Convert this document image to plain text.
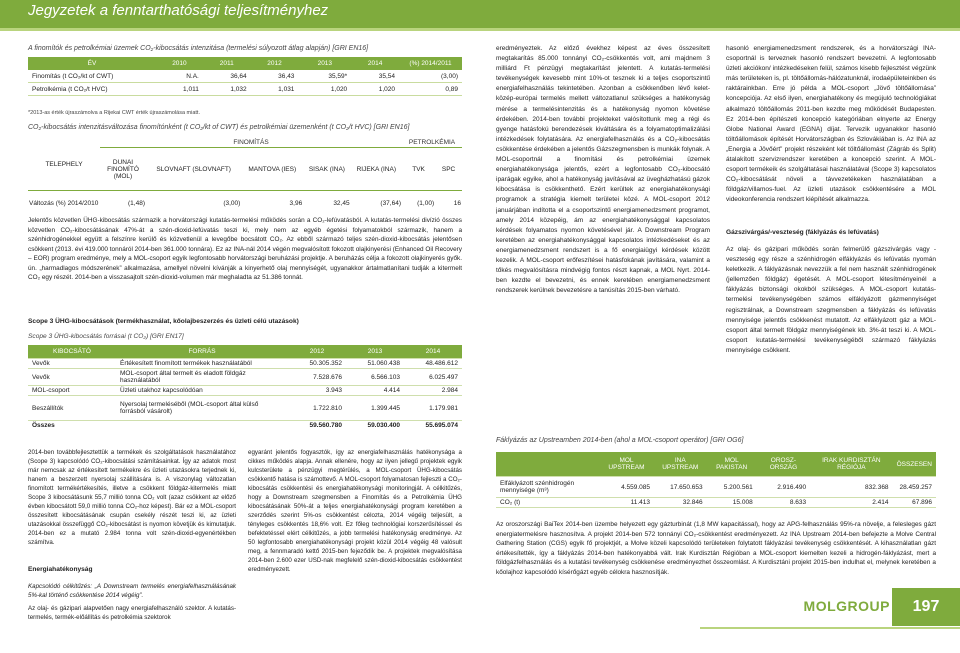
Jegyzetek a fenntarthatósági teljesítményhez
A finomítók és petrolkémiai üzemek CO₂-kibocsátás intenzitása (termelési súlyozott átlag alapján) [GRI EN16]
ÉV	2010	2011	2012	2013	2014	(%) 2014/2011
Finomítás (t CO₂/kt of CWT)	N.A.	36,64	36,43	35,59*	35,54	(3,00)
Petrolkémia (t CO₂/t HVC)	1,011	1,032	1,031	1,020	1,020	0,89
*2013-as érték újraszámolva a Rijekai CWT érték újraszámolása miatt.
CO₂-kibocsátás intenzitásváltozása finomítónként (t CO₂/kt of CWT) és petrolkémiai üzemenként (t CO₂/t HVC) [GRI EN16]
TELEPHELY	FINOMÍTÁS					PETROLKÉMIA	
	DUNAI FINOMÍTÓ (MOL)	SLOVNAFT (SLOVNAFT)	MANTOVA (IES)	SISAK (INA)	RIJEKA (INA)	TVK	SPC
Változás (%) 2014/2010	(1,48)	(3,00)	3,96	32,45	(37,64)	(1,00)	16
Jelentős közvetlen ÜHG-kibocsátás származik a horvátországi kutatás-termelési működés során a CO₂-lefúvatásból. A kutatás-termelési divízió összes közvetlen CO₂-kibocsátásának 47%-át a szén-dioxid-lefúvatás teszi ki, mely nem az egyéb égetési folyamatokból származik, hanem a szénhidrogénekkel együtt a felszínre kerülő és közvetlenül a levegőbe bocsátott CO₂. Az ebből származó teljes szén-dioxid-kibocsátás jelentősen csökkent (2013. évi 419.000 tonnáról 2014-ben 361.000 tonnára). Ez az INA-nál 2014 végén megvalósított fokozott olajkinyerési (Enhanced Oil Recovery – EOR) program eredménye, mely a MOL-csoport egyik legfontosabb horvátországi beruházási projektje. A beruházás célja a fokozott olajkinyerés győk. ún. „harmadlagos módszerének” alkalmazása, amellyel növelni kívánják a kinyerhető olaj mennyiségét, ugyanakkor ártalmatlanítani tudják a kitermelt CO₂ egy részét. 2014-ben a visszasajtolt szén-dioxid-volumen már meghaladta az 51.386 tonnát.
Scope 3 ÜHG-kibocsátások (termékhasználat, kőolajbeszerzés és üzleti célú utazások)
Scope 3 ÜHG-kibocsátás forrásai (t CO₂) [GRI EN17]
KIBOCSÁTÓ	FORRÁS	2012	2013	2014
Vevők	Értékesített finomított termékek használatából	50.305.352	51.060.438	48.486.612
Vevők	MOL-csoport által termelt és eladott földgáz használatából	7.528.676	6.566.103	6.025.497
MOL-csoport	Üzleti utakhoz kapcsolódóan	3.943	4.414	2.984
Beszállítók	Nyersolaj termeléséből (MOL-csoport által külső forrásból vásárolt)	1.722.810	1.399.445	1.179.981
Összes		59.560.780	59.030.400	55.695.074
2014-ben továbbfejlesztettük a termékek és szolgáltatások használatához (Scope 3) kapcsolódó CO₂-kibocsátási számításainkat. Így az adatok most már nemcsak az értékesített termékekre és üzleti utazásokra terjednek ki, hanem a beszerzett nyersolaj szállítására is. A viszonylag változatlan finomított termékértékesítés, illetve a csökkent földgáz-kitermelés miatt Scope 3 kibocsátásunk 55,7 millió tonna CO₂ volt (azaz csökkent az előző évben kibocsátott 59,0 millió tonna CO₂-hoz képest). Bár ez a MOL-csoport összesített kibocsátásának csupán csekély részét teszi ki, az üzleti utazásokkal összefüggő CO₂-kibocsátást is nyomon követjük és kimutatjuk. 2014-ben ez a mutató 2.984 tonna volt szén-dioxid-egyenértékben számítva.
Energiahatékonyság
Kapcsolódó célkitűzés: „A Downstream termelés energiafelhasználásának 5%-kal történő csökkentése 2014 végéig”.
Az olaj- és gázipari alapvetően nagy energiafelhasználó szektor. A kutatás-termelés, termék-előállítás és petrolkémia szektorok
egyaránt jelentős fogyasztók, így az energiafelhasználás hatékonysága a cikkes működés alapja. Annak ellenére, hogy az ilyen jellegű projektek egyik kulcsterülete a pénzügyi megtérülés, a MOL-csoport ÜHG-kibocsátás csökkentő hatása is számottevő. A MOL-csoport folyamatosan fejleszti a CO₂-kibocsátás csökkentési és energiahatékonysági monitoringját. A célkitűzés, hogy a Downstream szegmensben a Finomítás és a Petrolkémia ÜHG kibocsátásának 50%-át a teljes energiahatékonysági program keretében a szerződés szerint 5%-os csökkentést célozta, 2014 végéig teljesült, a tényleges csökkentés 18,6% volt. Ez főleg technológiai korszerűsítéssel és befektetéssel elért célkitűzés, a jobb termelési hatékonyság eredménye. Az 50 legfontosabb energiahatékonysági projekt közül 2014 végéig 48 valósult meg, a fennmaradó kettő 2015-ben fejeződik be. A projektek megvalósítása 2014-ben 2.600 ezer USD-nak megfelelő szén-dioxid-kibocsátás csökkentést eredményezett.
eredményeztek. Az előző évekhez képest az éves összesített megtakarítás 85.000 tonnányi CO₂-csökkentés volt, ami majdnem 3 milliárd Ft pénzügyi megtakarítást jelentett. A kutatás-termelési tevékenységek kevesebb mint 10%-ot tesznek ki a teljes csoportszintű energiafelhasználás tekintetében. Azonban a csökkenőben lévő kelet-közép-európai termelés mellett változatlanul szükséges a hatékonyság mérése a termelésintenzitás és a hatékonyság nyomon követése érdekében. 2014-ben további projekteket valósítottunk meg a régi és gyenge hatásfokú berendezések kiváltására és a folyamatoptimalizálási intézkedések folytatására. Az energiafelhasználás és a CO₂-kibocsátás csökkentése érdekében a jelentős Gázszegmensben is munkák folynak. A MOL-csoportnál a finomítási és petrolkémiai üzemek energiahatékonysága jelentős, ezért a legfontosabb CO₂-kibocsátó iparágak egyike, ahol a hatékonyság javításával az üvegházhatású gázok kibocsátása is csökkenthető. Ezért kerültek az energiahatékonysági programok a stratégia kiemelt területei közé. A MOL-csoport 2012 januárjában indította el a csoportszintű energiamenedzsment programot, amely 2014 közepéig, ám az energiahatékonysággal kapcsolatos kérdések folyamatos nyomon követésével jár. A Downstream Program keretében az energiahatékonysággal kapcsolatos intézkedéseket és az energiamenedzsment rendszert is a fő energiaiügyi kérdések között kezelik. A MOL-csoport erőfeszítései hatásfokának javítására, valamint a tőkés megvalósításra mindvégig fontos részt kapnak, a MOL Nyrt. 2014-ben kezdte el bevezetni, és ennek keretében energiamenedzsment rendszerek kerülnek bevezetésre a tanúsítás 2015-ben várható.
hasonló energiamenedzsment rendszerek, és a horvátországi INA-csoportnál is terveznek hasonló rendszert bevezetni. A legfontosabb üzleti akciókon/ intézkedéseken felül, számos kisebb fejlesztést végzünk más területeken is, pl. töltőállomás-hálózatunknál, irodaépületeinkben és raktárainkban. Erre jó példa a MOL-csoport „Jövő töltőállomása” koncepciója. Az első ilyen, energiahatékony és megújuló technológiákat alkalmazó töltőállomás 2011-ben kezdte meg működését Budapesten. Ez 2014-ben építészeti koncepció kategóriában elnyerte az Energy Globe National Award (EGNA) díjat. Tervezik ugyanakkor hasonló töltőállomások építését Horvátországban és Szlovákiában is. Az INA az „Energia a Jövőért” projekt részeként két töltőállomást (Zágráb és Split) átalakított szervizrendszer keretében a koncepció szerint. A MOL-csoport termékeik és szolgáltatásai használatával (Scope 3) kapcsolatos CO₂-kibocsátását növeli a távvezetékeken használatában a földgáz/villamos-fuel. Az üzleti utazások csökkentésére a MOL videokonferencia rendszert kiépítését alkalmazza.
Gázszivárgás/-veszteség (fáklyázás és lefúvatás)
Az olaj- és gázipari működés során felmerülő gázszivárgás vagy -veszteség egy része a szénhidrogén elfáklyázás és lefúvatás nyomán keletkezik. A fáklyázásnak nevezzük a fel nem használt szénhidrogének (jellemzően földgáz) égetését. A MOL-csoport létesítményeinél a fáklyázás biztonsági okokból szükséges. A MOL-csoport kutatás-termelési tevékenységében számos elfáklyázott gázmennyiséget regisztrálnak, a Downstream szegmensben a fáklyázás és lefúvatás mennyisége jelentős csökkenést mutatott. Az elfáklyázott gáz a MOL-csoport által termelt földgáz mennyiségének kb. 3%-át teszi ki. A MOL-csoport kutatás-termelési tevékenységéből származó fáklyázás mennyisége csökkent.
Fáklyázás az Upstreamben 2014-ben (ahol a MOL-csoport operátor) [GRI OG6]
	MOL UPSTREAM	INA UPSTREAM	MOL PAKISTAN	OROSZ-ORSZÁG	IRAK KURDISZTÁN RÉGIÓJA	ÖSSZESEN
Elfáklyázott szénhidrogén mennyisége (m³)	4.559.085	17.650.653	5.200.561	2.916.490	832.368	28.459.257
CO₂ (t)	11.413	32.846	15.008	8.633	2.414	67.896
Az oroszországi BaiTex 2014-ben üzembe helyezett egy gázturbinát (1,8 MW kapacitással), hogy az APG-felhasználás 95%-ra növelje, a felesleges gázt energiatermelésre hasznosítva. A projekt 2014-ben 572 tonnányi CO₂-csökkentést eredményezett. Az INA Upstream 2014-ben befejezte a Molve Central Gathering Station (CGS) egyik fő projektjét, a Molve közeli kapcsolódó területeken folytatott fáklyázási tevékenység csökkentését. A kihasználatlan gázt értékesítették, így a fáklyázás 2014-ben hatékonyabbá vált. Irak Kurdisztán Régióban a MOL-csoport kiemelten kezeli a hidrogén-fáklyázást, mert a földgázfelhasználás és a kutatási tevékenység csökkenése eredményezhet összeomlást. A Kurdisztáni projekt 2015-ben indulhat el, melynek keretében a kőolajhoz kapcsolódó kísérőgázt egyéb célokra hasznosítják.
MOLGROUP	197
